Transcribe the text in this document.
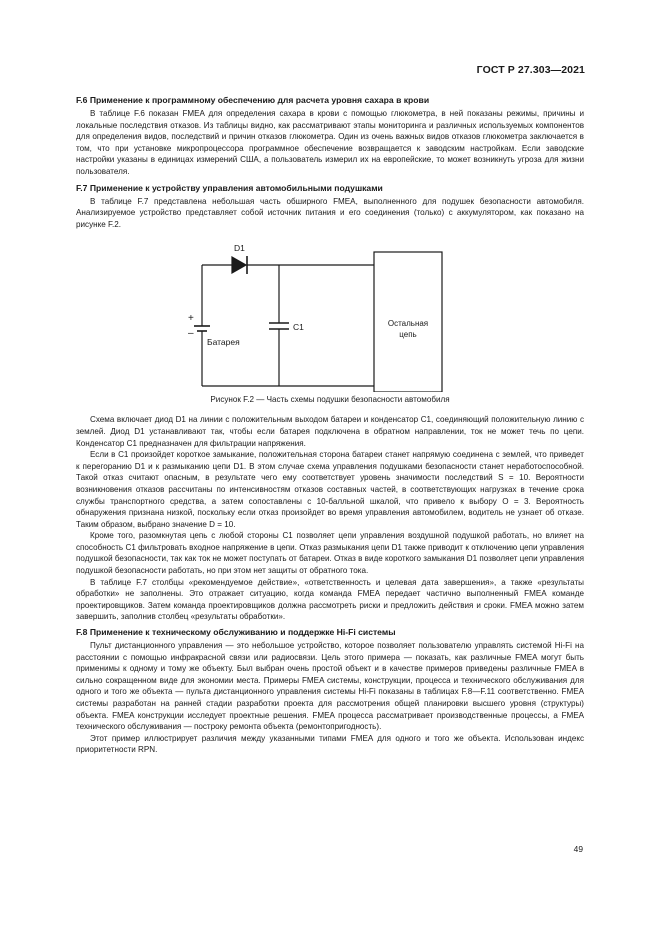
ГОСТ Р 27.303—2021
F.6 Применение к программному обеспечению для расчета уровня сахара в крови

В таблице F.6 показан FMEA для определения сахара в крови с помощью глюкометра, в ней показаны режимы, причины и локальные последствия отказов. Из таблицы видно, как рассматривают этапы мониторинга и различных используемых компонентов для определения видов, последствий и причин отказов глюкометра. Один из очень важных видов отказов глюкометра заключается в том, что при установке микропроцессора программное обеспечение возвращается к заводским настройкам. Если заводские настройки указаны в единицах измерений США, а пользователь измерил их на европейские, то может возникнуть угроза для жизни пользователя.

F.7 Применение к устройству управления автомобильными подушками

В таблице F.7 представлена небольшая часть обширного FMEA, выполненного для подушек безопасности автомобиля. Анализируемое устройство представляет собой источник питания и его соединения (только) с аккумулятором, как показано на рисунке F.2.

D1
C1
+
–
Батарея
Остальная
цепь

Рисунок F.2 — Часть схемы подушки безопасности автомобиля

Схема включает диод D1 на линии с положительным выходом батареи и конденсатор C1, соединяющий положительную линию с землей. Диод D1 устанавливают так, чтобы если батарея подключена в обратном направлении, ток не может течь по цепи. Конденсатор C1 предназначен для фильтрации напряжения.

Если в C1 произойдет короткое замыкание, положительная сторона батареи станет напрямую соединена с землей, что приведет к перегоранию D1 и к размыканию цепи D1. В этом случае схема управления подушками безопасности станет неработоспособной. Такой отказ считают опасным, в результате чего ему соответствует уровень значимости последствий S = 10. Вероятности возникновения отказов рассчитаны по интенсивностям отказов составных частей, в соответствующих нагрузках в течение срока службы транспортного средства, а затем сопоставлены с 10-балльной шкалой, что привело к выбору O = 3. Вероятность обнаружения признана низкой, поскольку если отказ произойдет во время управления автомобилем, водитель не узнает об отказе. Таким образом, выбрано значение D = 10.

Кроме того, разомкнутая цепь с любой стороны C1 позволяет цепи управления воздушной подушкой работать, но влияет на способность C1 фильтровать входное напряжение в цепи. Отказ размыкания цепи D1 также приводит к отключению цепи управления подушкой безопасности, так как ток не может поступать от батареи. Отказ в виде короткого замыкания D1 позволяет цепи управления подушкой безопасности работать, но при этом нет защиты от обратного тока.

В таблице F.7 столбцы «рекомендуемое действие», «ответственность и целевая дата завершения», а также «результаты обработки» не заполнены. Это отражает ситуацию, когда команда FMEA передает частично выполненный FMEA команде проектировщиков. Затем команда проектировщиков должна рассмотреть риски и предложить действия и сроки. FMEA можно затем завершить, заполнив столбец «результаты обработки».

F.8 Применение к техническому обслуживанию и поддержке Hi-Fi системы

Пульт дистанционного управления — это небольшое устройство, которое позволяет пользователю управлять системой Hi-Fi на расстоянии с помощью инфракрасной связи или радиосвязи. Цель этого примера — показать, как различные FMEA могут быть применимы к одному и тому же объекту. Был выбран очень простой объект и в качестве примеров приведены различные FMEA в сильно сокращенном виде для экономии места. Примеры FMEA системы, конструкции, процесса и технического обслуживания для одного и того же объекта — пульта дистанционного управления системы Hi-Fi показаны в таблицах F.8—F.11 соответственно. FMEA системы разработан на ранней стадии разработки проекта для рассмотрения общей планировки высшего уровня (структуры) объекта. FMEA конструкции исследует проектные решения. FMEA процесса рассматривает производственные процессы, а FMEA технического обслуживания — построку ремонта объекта (ремонтопригодность).

Этот пример иллюстрирует различия между указанными типами FMEA для одного и того же объекта. Использован индекс приоритетности RPN.

49
